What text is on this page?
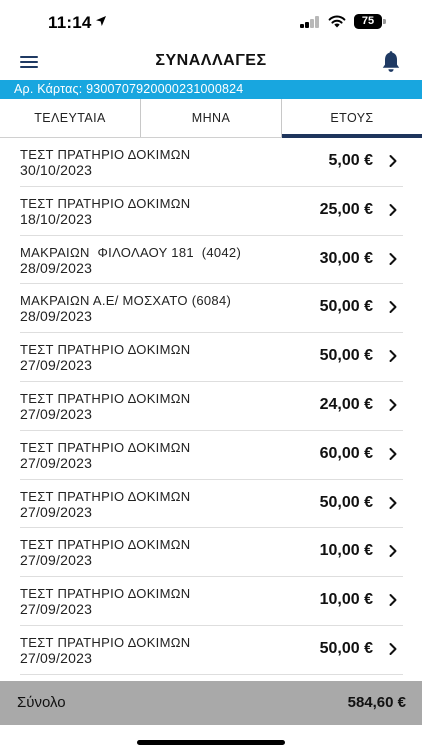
11:14	75
ΣΥΝΑΛΛΑΓΕΣ
Αρ. Κάρτας: 9300707920000231000824
ΤΕΛΕΥΤΑΙΑ	ΜΗΝΑ	ΕΤΟΥΣ
ΤΕΣΤ ΠΡΑΤΗΡΙΟ ΔΟΚΙΜΩΝ
30/10/2023
5,00 €
ΤΕΣΤ ΠΡΑΤΗΡΙΟ ΔΟΚΙΜΩΝ
18/10/2023
25,00 €
ΜΑΚΡΑΙΩΝ  ΦΙΛΟΛΑΟΥ 181  (4042)
28/09/2023
30,00 €
ΜΑΚΡΑΙΩΝ Α.Ε/ ΜΟΣΧΑΤΟ (6084)
28/09/2023
50,00 €
ΤΕΣΤ ΠΡΑΤΗΡΙΟ ΔΟΚΙΜΩΝ
27/09/2023
50,00 €
ΤΕΣΤ ΠΡΑΤΗΡΙΟ ΔΟΚΙΜΩΝ
27/09/2023
24,00 €
ΤΕΣΤ ΠΡΑΤΗΡΙΟ ΔΟΚΙΜΩΝ
27/09/2023
60,00 €
ΤΕΣΤ ΠΡΑΤΗΡΙΟ ΔΟΚΙΜΩΝ
27/09/2023
50,00 €
ΤΕΣΤ ΠΡΑΤΗΡΙΟ ΔΟΚΙΜΩΝ
27/09/2023
10,00 €
ΤΕΣΤ ΠΡΑΤΗΡΙΟ ΔΟΚΙΜΩΝ
27/09/2023
10,00 €
ΤΕΣΤ ΠΡΑΤΗΡΙΟ ΔΟΚΙΜΩΝ
27/09/2023
50,00 €
Σύνολο	584,60 €
